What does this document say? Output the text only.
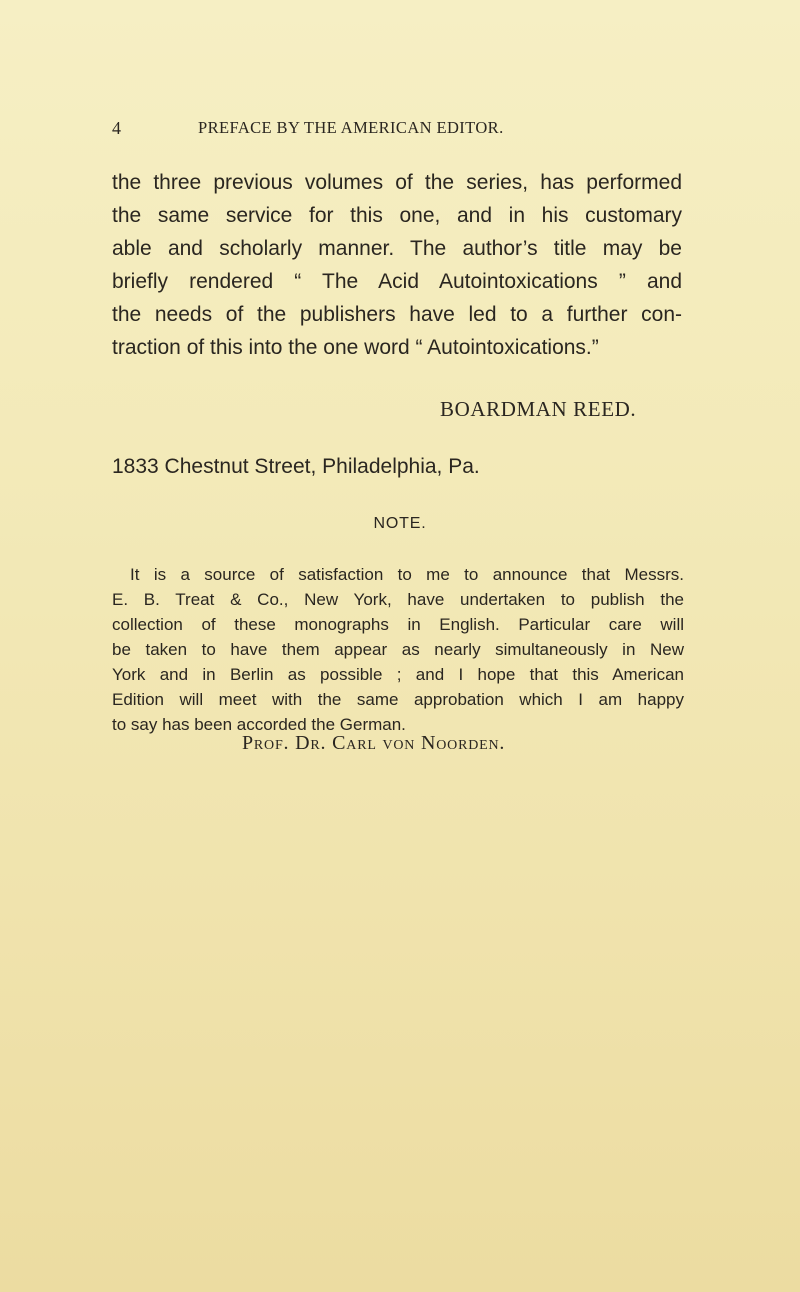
4	PREFACE BY THE AMERICAN EDITOR.
the three previous volumes of the series, has performed
the same service for this one, and in his customary
able and scholarly manner. The author’s title may be
briefly rendered “ The Acid Autointoxications ” and
the needs of the publishers have led to a further con-
traction of this into the one word “ Autointoxications.”
BOARDMAN REED.
1833 Chestnut Street, Philadelphia, Pa.
NOTE.
It is a source of satisfaction to me to announce that Messrs.
E. B. Treat & Co., New York, have undertaken to publish the
collection of these monographs in English. Particular care will
be taken to have them appear as nearly simultaneously in New
York and in Berlin as possible ; and I hope that this American
Edition will meet with the same approbation which I am happy
to say has been accorded the German.
Prof. Dr. Carl von Noorden.
